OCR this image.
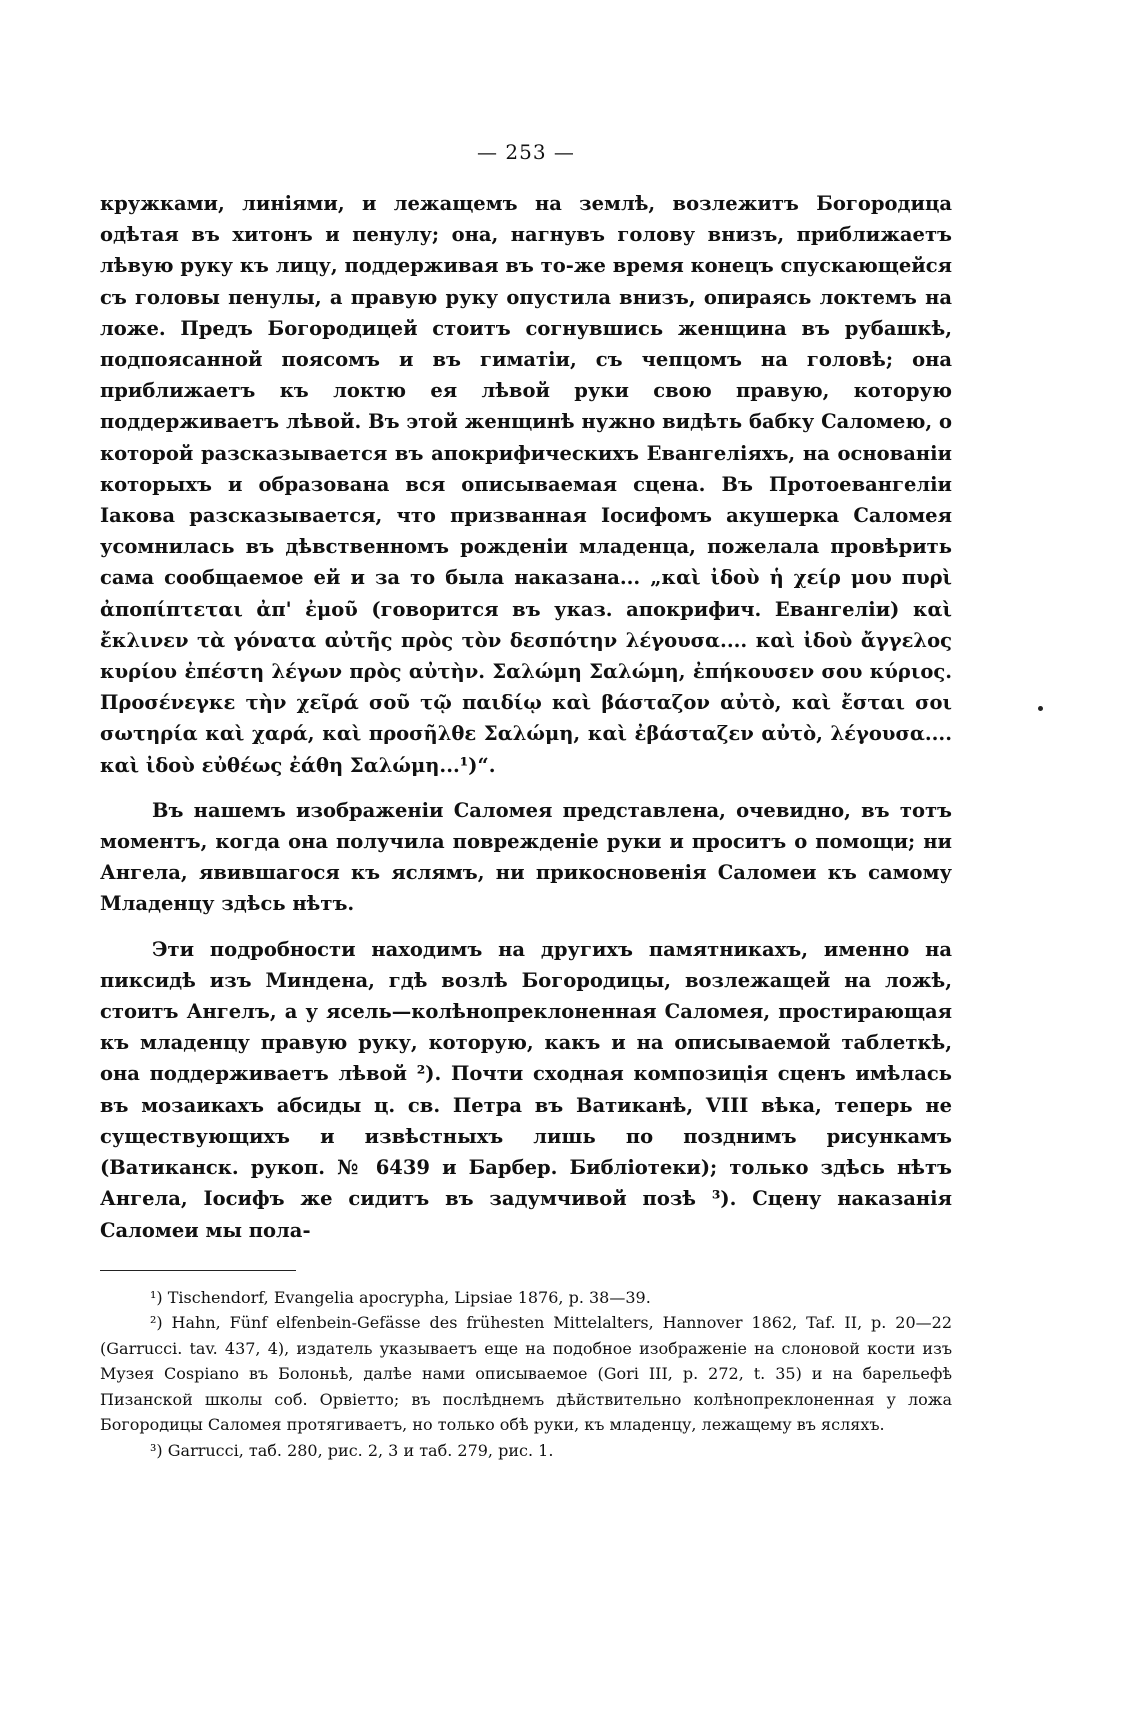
— 253 —

кружками, линіями, и лежащемъ на землѣ, возлежитъ Богородица одѣтая въ хитонъ и пенулу; она, нагнувъ голову внизъ, приближаетъ лѣвую руку къ лицу, поддерживая въ то-же время конецъ спускающейся съ головы пенулы, а правую руку опустила внизъ, опираясь локтемъ на ложе. Предъ Богородицей стоитъ согнувшись женщина въ рубашкѣ, подпоясанной поясомъ и въ гиматіи, съ чепцомъ на головѣ; она приближаетъ къ локтю ея лѣвой руки свою правую, которую поддерживаетъ лѣвой. Въ этой женщинѣ нужно видѣть бабку Саломею, о которой разсказывается въ апокрифическихъ Евангеліяхъ, на основаніи которыхъ и образована вся описываемая сцена. Въ Протоевангеліи Іакова разсказывается, что призванная Іосифомъ акушерка Саломея усомнилась въ дѣвственномъ рожденіи младенца, пожелала провѣрить сама сообщаемое ей и за то была наказана... „καὶ ἰδοὺ ἡ χείρ μου πυρὶ ἀποπίπτεται ἀπ' ἐμοῦ (говорится въ указ. апокрифич. Евангеліи) καὶ ἔκλινεν τὰ γόνατα αὐτῆς πρὸς τὸν δεσπότην λέγουσα.... καὶ ἰδοὺ ἄγγελος κυρίου ἐπέστη λέγων πρὸς αὐτὴν. Σαλώμη Σαλώμη, ἐπήκουσεν σου κύριος. Προσένεγκε τὴν χεῖρά σοῦ τῷ παιδίῳ καὶ βάσταζον αὐτὸ, καὶ ἔσται σοι σωτηρία καὶ χαρά, καὶ προσῆλθε Σαλώμη, καὶ ἐβάσταζεν αὐτὸ, λέγουσα.... καὶ ἰδοὺ εὐθέως ἐάθη Σαλώμη...¹)“.

Въ нашемъ изображеніи Саломея представлена, очевидно, въ тотъ моментъ, когда она получила поврежденіе руки и проситъ о помощи; ни Ангела, явившагося къ яслямъ, ни прикосновенія Саломеи къ самому Младенцу здѣсь нѣтъ.

Эти подробности находимъ на другихъ памятникахъ, именно на пиксидѣ изъ Миндена, гдѣ возлѣ Богородицы, возлежащей на ложѣ, стоитъ Ангелъ, а у ясель—колѣнопреклоненная Саломея, простирающая къ младенцу правую руку, которую, какъ и на описываемой таблеткѣ, она поддерживаетъ лѣвой ²). Почти сходная композиція сценъ имѣлась въ мозаикахъ абсиды ц. св. Петра въ Ватиканѣ, VIII вѣка, теперь не существующихъ и извѣстныхъ лишь по позднимъ рисункамъ (Ватиканск. рукоп. № 6439 и Барбер. Библіотеки); только здѣсь нѣтъ Ангела, Іосифъ же сидитъ въ задумчивой позѣ ³). Сцену наказанія Саломеи мы пола-

¹) Tischendorf, Evangelia apocrypha, Lipsiae 1876, p. 38—39.

²) Hahn, Fünf elfenbein-Gefässe des frühesten Mittelalters, Hannover 1862, Taf. II, p. 20—22 (Garrucci. tav. 437, 4), издатель указываетъ еще на подобное изображеніе на слоновой кости изъ Музея Cospiano въ Болоньѣ, далѣе нами описываемое (Gori III, p. 272, t. 35) и на барельефѣ Пизанской школы соб. Орвіетто; въ послѣднемъ дѣйствительно колѣнопреклоненная у ложа Богородицы Саломея протягиваетъ, но только обѣ руки, къ младенцу, лежащему въ ясляхъ.

³) Garrucci, таб. 280, рис. 2, 3 и таб. 279, рис. 1.
